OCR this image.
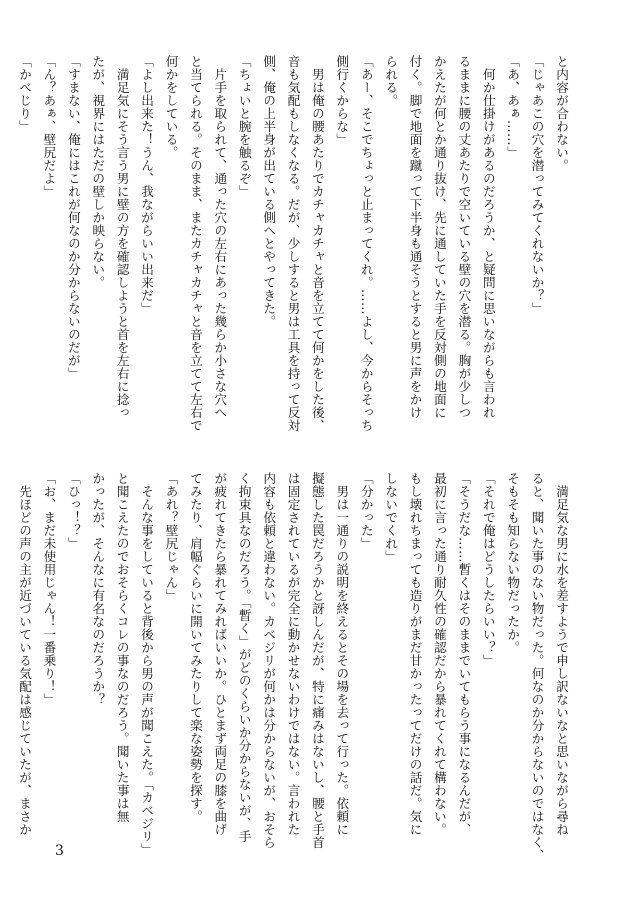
と内容が合わない。
「じゃあこの穴を潜ってみてくれないか？」
「あ、あぁ……」
　何か仕掛けがあるのだろうか、と疑問に思いながらも言われ
るままに腰の丈あたりで空いている壁の穴を潜る。胸が少しつ
かえたが何とか通り抜け、先に通していた手を反対側の地面に
付く。脚で地面を蹴って下半身も通そうとすると男に声をかけ
られる。
「あー、そこでちょっと止まってくれ。……よし、今からそっち
側行くからな」
　男は俺の腰あたりでカチャカチャと音を立てて何かをした後、
音も気配もしなくなる。だが、少しすると男は工具を持って反対
側、俺の上半身が出ている側へとやってきた。
「ちょいと腕を触るぞ」
　片手を取られて、通った穴の左右にあった幾らか小さな穴へ
と当てられる。そのまま、またカチャカチャと音を立てて左右で
何かをしている。
「よし出来た！うん、我ながらいい出来だ」
　満足気にそう言う男に壁の方を確認しようと首を左右に捻っ
たが、視界にはただの壁しか映らない。
「すまない、俺にはこれが何なのか分からないのだが」
「ん？あぁ、壁尻だよ」
「かべじり」
　満足気な男に水を差すようで申し訳ないなと思いながら尋ね
ると、聞いた事のない物だった。何なのか分からないのではなく、
そもそも知らない物だったか。
「それで俺はどうしたらいい？」
「そうだな……暫くはそのままでいてもらう事になるんだが、
最初に言った通り耐久性の確認だから暴れてくれて構わない。
もし壊れちまっても造りがまだ甘かったってだけの話だ。気に
しないでくれ」
「分かった」
　男は一通りの説明を終えるとその場を去って行った。依頼に
擬態した罠だろうかと訝しんだが、特に痛みはないし、腰と手首
は固定されているが完全に動かせないわけではない。言われた
内容も依頼と違わない。カベジリが何かは分からないが、おそら
く拘束具なのだろう。「暫く」がどのくらいか分からないが、手
が疲れてきたら暴れてみればいいか。ひとまず両足の膝を曲げ
てみたり、肩幅ぐらいに開いてみたりして楽な姿勢を探す。
「あれ？壁尻じゃん」
　そんな事をしていると背後から男の声が聞こえた。「カベジリ」
と聞こえたのでおそらくコレの事なのだろう。聞いた事は無
かったが、そんなに有名なのだろうか？
「ひっ！？」
「お、まだ未使用じゃん！一番乗り！」
　先ほどの声の主が近づいている気配は感じていたが、まさか
3
